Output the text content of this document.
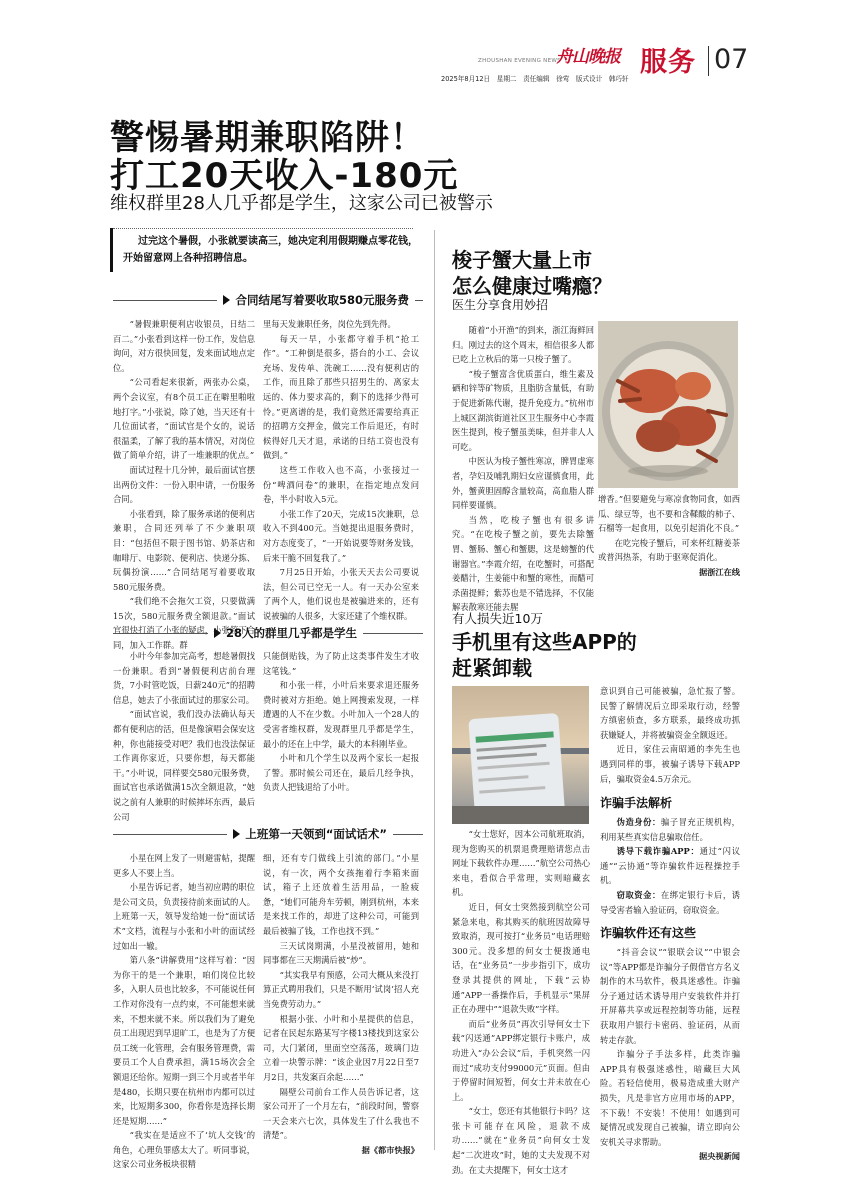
ZHOUSHAN EVENING NEWS
舟山晚报 服务 07
2025年8月12日　星期二　责任编辑　徐莺　版式设计　韩巧轩
警惕暑期兼职陷阱！
打工20天收入-180元
维权群里28人几乎都是学生，这家公司已被警示
过完这个暑假，小张就要读高三，她决定利用假期赚点零花钱，开始留意网上各种招聘信息。
合同结尾写着要收取580元服务费

“暑假兼职便利店收银员，日结二百二。”小张看到这样一份工作，发信息询问，对方很快回复，发来面试地点定位。

“公司看起来很新，两张办公桌，两个会议室，有8个员工正在噼里啪啦地打字。”小张说，除了她，当天还有十几位面试者，“面试官是个女的，说话很温柔，了解了我的基本情况，对岗位做了简单介绍，讲了一堆兼职的优点。”

面试过程十几分钟，最后面试官摆出两份文件：一份入职申请，一份服务合同。

小张看到，除了服务承诺的便利店兼职，合同还列举了不少兼职项目：“包括但不限于图书馆、奶茶店和咖啡厅、电影院、便利店、快递分拣、玩偶扮演……”合同结尾写着要收取580元服务费。

“我们绝不会拖欠工资，只要做满15次，580元服务费全额退款。”面试官很快打消了小张的疑虑，小张签下合同，加入工作群。群

里每天发兼职任务，岗位先到先得。

每天一早，小张都守着手机“抢工作”。“工种倒是很多，搭台的小工、会议充场、发传单、洗碗工……没有便利店的工作，而且除了那些只招男生的、离家太远的、体力要求高的，剩下的选择少得可怜。”更离谱的是，我们竟然还需要给真正的招聘方交押金，做完工作后退还，有时候得好几天才退，承诺的日结工资也没有做到。”

这些工作收入也不高，小张接过一份“啤酒问卷”的兼职，在指定地点发问卷，半小时收入5元。

小张工作了20天，完成15次兼职，总收入不到400元。当她提出退服务费时，对方态度变了，“一开始说要等财务发钱，后来干脆不回复我了。”

7月25日开始，小张天天去公司要说法，但公司已空无一人。有一天办公室来了两个人，他们说也是被骗进来的，还有说被骗的人很多，大家还建了个维权群。

28人的群里几乎都是学生

小叶今年参加完高考，想趁暑假找一份兼职。看到“暑假便利店前台理货，7小时管吃饭，日薪240元”的招聘信息，她去了小张面试过的那家公司。

“面试官说，我们没办法确认每天都有便利店的活，但是像演唱会保安这种，你也能接受对吧？我们也没法保证工作离你家近，只要你想，每天都能干。”小叶说，同样要交580元服务费，面试官也承诺做满15次全额退款，“她说之前有人兼职的时候摔坏东西，最后公司

只能倒贴钱，为了防止这类事件发生才收这笔钱。”

和小张一样，小叶后来要求退还服务费时被对方拒绝。她上网搜索发现，一样遭遇的人不在少数。小叶加入一个28人的受害者维权群，发现群里几乎都是学生，最小的还在上中学，最大的本科刚毕业。

小叶和几个学生以及两个家长一起报了警。那时候公司还在，最后几经争执，负责人把钱退给了小叶。

上班第一天领到“面试话术”

小星在网上发了一则避雷帖，提醒更多人不要上当。

小星告诉记者，她当初应聘的职位是公司文员，负责接待前来面试的人。上班第一天，领导发给她一份“面试话术”文档，流程与小张和小叶的面试经过如出一辙。

第八条“讲解费用”这样写着：“因为你干的是一个兼职，咱们岗位比较多，入职人员也比较多，不可能说任何工作对你没有一点约束，不可能想来就来，不想来就不来。所以我们为了避免员工出现迟到早退旷工，也是为了方便员工统一化管理，会有服务管理费，需要员工个人自费承担，满15场次会全额退还给你。短期一到三个月或者半年是480，长期只要在杭州市内都可以过来，比短期多300，你看你是选择长期还是短期……”

“我实在是适应不了‘坑人交钱’的角色，心理负罪感太大了。听同事说，这家公司业务板块很精

细，还有专门做线上引流的部门。”小星说，有一次，两个女孩拖着行李箱来面试，箱子上还放着生活用品，一脸疲惫，“她们可能舟车劳顿，刚到杭州，本来是来找工作的，却进了这种公司，可能到最后被骗了钱，工作也找不到。”

三天试岗期满，小星没被留用，她和同事都在三天期满后被“炒”。

“其实我早有预感，公司大概从来没打算正式聘用我们，只是不断用‘试岗’招人充当免费劳动力。”

根据小张、小叶和小星提供的信息，记者在民起东路某写字楼13楼找到这家公司，大门紧闭，里面空空荡荡，玻璃门边立着一块警示牌：“该企业因7月22日至7月2日，共发案百余起……”

隔壁公司前台工作人员告诉记者，这家公司开了一个月左右，“前段时间，警察一天会来六七次，具体发生了什么我也不清楚”。

据《都市快报》

梭子蟹大量上市
怎么健康过嘴瘾？
医生分享食用妙招

随着“小开渔”的到来，浙江海鲜回归。刚过去的这个周末，相信很多人都已吃上立秋后的第一只梭子蟹了。

“梭子蟹富含优质蛋白，维生素及硒和锌等矿物质，且脂肪含量低，有助于促进新陈代谢，提升免疫力。”杭州市上城区湖滨街道社区卫生服务中心李霞医生提到，梭子蟹虽美味，但并非人人可吃。

中医认为梭子蟹性寒凉，脾胃虚寒者，孕妇及哺乳期妇女应谨慎食用，此外，蟹黄胆固醇含量较高，高血脂人群同样要谨慎。

当然，吃梭子蟹也有很多讲究。“在吃梭子蟹之前，要先去除蟹胃、蟹肠、蟹心和蟹腮，这是螃蟹的代谢器官。”李霞介绍，在吃蟹时，可搭配姜醋汁，生姜能中和蟹的寒性，而醋可杀菌提鲜；紫苏也是不错选择，不仅能解表散寒还能去腥

增香。”但要避免与寒凉食物同食，如西瓜、绿豆等，也不要和含鞣酸的柿子、石榴等一起食用，以免引起消化不良。”

在吃完梭子蟹后，可来杯红糖姜茶或普洱热茶，有助于驱寒促消化。

据浙江在线

有人损失近10万
手机里有这些APP的
赶紧卸载

“女士您好，因本公司航班取消，现为您购买的机票退费理赔请您点击网址下载软件办理……”航空公司热心来电，看似合乎常理，实则暗藏玄机。

近日，何女士突然接到航空公司紧急来电，称其购买的航班因故障导致取消，现可按打“业务员”电话理赔300元。没多想的何女士便拨通电话，在“业务员”一步步指引下，成功登录其提供的网址，下载“云协通”APP一番操作后，手机显示“果屏正在办理中”“退款失败”字样。

而后“业务员”再次引导何女士下载“闪送通”APP绑定银行卡账户，成功进入“办公会议”后，手机突然一闪而过“成功支付99000元”页面。但由于停留时间短暂，何女士并未放在心上。

“女士，您还有其他银行卡吗？这张卡可能存在风险，退款不成功……”就在“业务员”向何女士发起“二次进攻”时，她的丈夫发现不对劲。在丈夫提醒下，何女士这才

意识到自己可能被骗，急忙报了警。民警了解情况后立即采取行动，经警方缜密侦查，多方联系，最终成功抓获嫌疑人，并将被骗资金全额返还。

近日，家住云南昭通的李先生也遇到同样的事，被骗子诱导下载APP后，骗取资金4.5万余元。

诈骗手法解析

伪造身份：骗子冒充正规机构，利用某些真实信息骗取信任。

诱导下载诈骗APP：通过“闪议通”“云协通”等诈骗软件远程操控手机。

窃取资金：在绑定银行卡后，诱导受害者输入验证码，窃取资金。

诈骗软件还有这些

“抖音会议”“银联会议”“中银会议”等APP都是诈骗分子假借官方名义制作的木马软件，极具迷惑性。诈骗分子通过话术诱导用户安装软件并打开屏幕共享或远程控制等功能，远程获取用户银行卡密码、验证码，从而转走存款。

诈骗分子手法多样，此类诈骗APP具有极强迷惑性，暗藏巨大风险。若轻信使用，极易造成重大财产损失，凡是非官方应用市场的APP，不下载！不安装！不使用！如遇到可疑情况或发现自己被骗，请立即向公安机关寻求帮助。

据央视新闻
